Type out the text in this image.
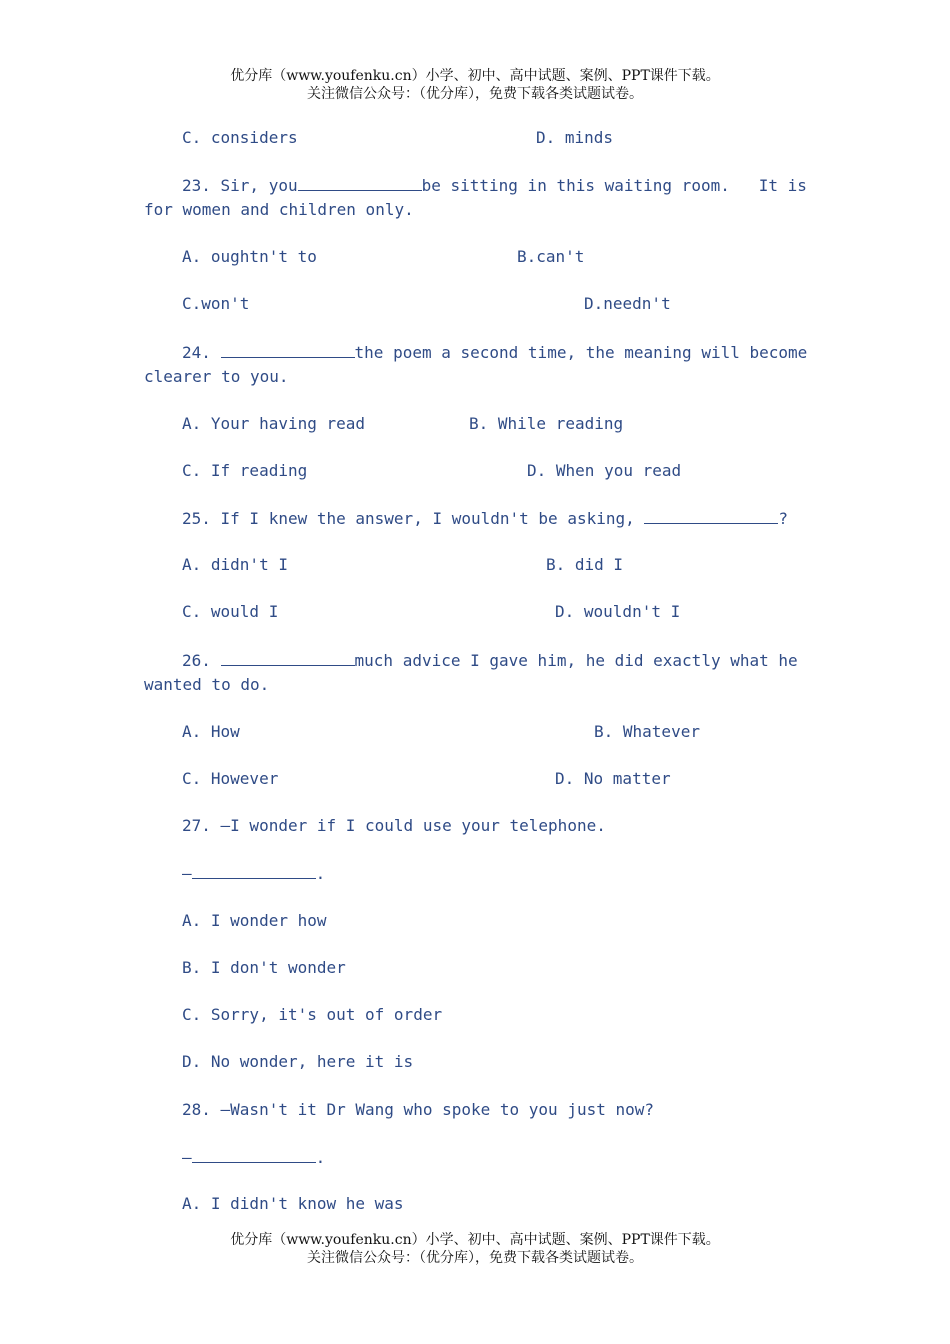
优分库（www.youfenku.cn）小学、初中、高中试题、案例、PPT课件下载。
关注微信公众号：（优分库），免费下载各类试题试卷。
C. considers	D. minds
23. Sir, you	be sitting in this waiting room.   It is
for women and children only.
A. oughtn't to	B.can't
C.won't	D.needn't
24.	the poem a second time, the meaning will become
clearer to you.
A. Your having read	B. While reading
C. If reading	D. When you read
25. If I knew the answer, I wouldn't be asking,	?
A. didn't I	B. did I
C. would I	D. wouldn't I
26.	much advice I gave him, he did exactly what he
wanted to do.
A. How	B. Whatever
C. However	D. No matter
27. —I wonder if I could use your telephone.
—	.
A. I wonder how
B. I don't wonder
C. Sorry, it's out of order
D. No wonder, here it is
28. —Wasn't it Dr Wang who spoke to you just now?
—	.
A. I didn't know he was
优分库（www.youfenku.cn）小学、初中、高中试题、案例、PPT课件下载。
关注微信公众号：（优分库），免费下载各类试题试卷。
